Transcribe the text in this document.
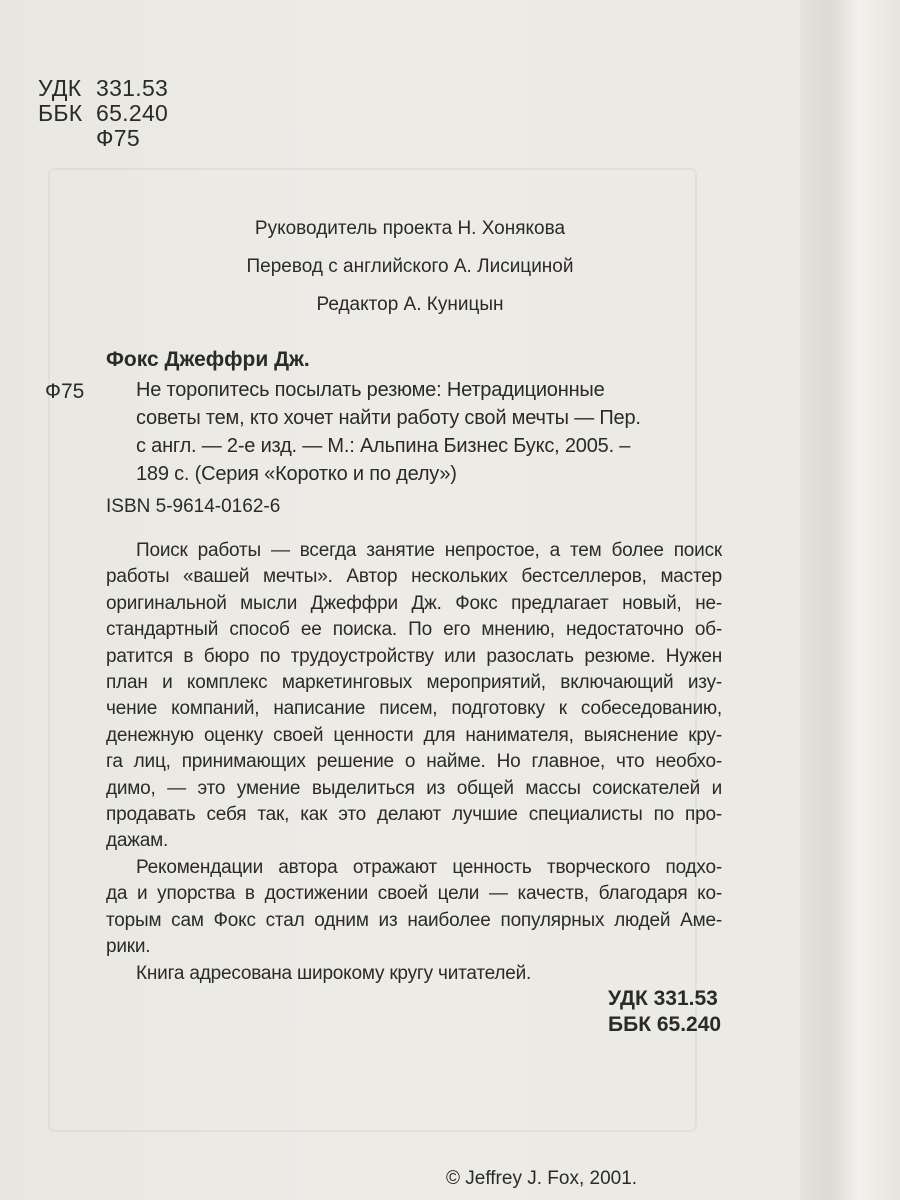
УДК 331.53
ББК 65.240
Ф75
Руководитель проекта Н. Хонякова
Перевод с английского А. Лисициной
Редактор А. Куницын
Фокс Джеффри Дж.
Ф75	Не торопитесь посылать резюме: Нетрадиционные
советы тем, кто хочет найти работу свой мечты — Пер.
с англ. — 2-е изд. — М.: Альпина Бизнес Букс, 2005. –
189 с. (Серия «Коротко и по делу»)
ISBN 5-9614-0162-6
Поиск работы — всегда занятие непростое, а тем более поиск
работы «вашей мечты». Автор нескольких бестселлеров, мастер
оригинальной мысли Джеффри Дж. Фокс предлагает новый, не-
стандартный способ ее поиска. По его мнению, недостаточно об-
ратится в бюро по трудоустройству или разослать резюме. Нужен
план и комплекс маркетинговых мероприятий, включающий изу-
чение компаний, написание писем, подготовку к собеседованию,
денежную оценку своей ценности для нанимателя, выяснение кру-
га лиц, принимающих решение о найме. Но главное, что необхо-
димо, — это умение выделиться из общей массы соискателей и
продавать себя так, как это делают лучшие специалисты по про-
дажам.
Рекомендации автора отражают ценность творческого подхо-
да и упорства в достижении своей цели — качеств, благодаря ко-
торым сам Фокс стал одним из наиболее популярных людей Аме-
рики.
Книга адресована широкому кругу читателей.
УДК 331.53
ББК 65.240
© Jeffrey J. Fox, 2001.
